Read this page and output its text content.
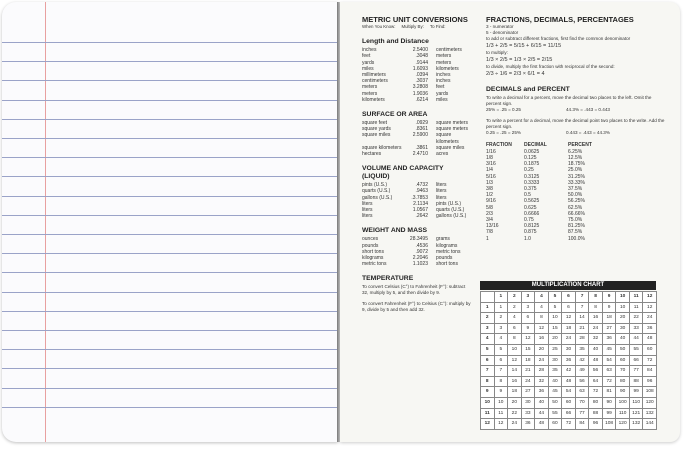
METRIC UNIT CONVERSIONS
When You Know: Multiply By: To Find:
Length and Distance
inches	2.5400 centimeters
feet	.3048 meters
yards	.9144 meters
miles	1.6093 kilometers
millimeters	.0394 inches
centimeters	.3037 inches
meters	3.2808 feet
meters	1.9036 yards
kilometers	.6214 miles
SURFACE OR AREA
square feet	.0929 square meters
square yards	.8361 square meters
square miles	2.5900 square kilometers
square kilometers	.3861 square miles
hectares	2.4710 acres
VOLUME AND CAPACITY (LIQUID)
pints (U.S.)	.4732 liters
quarts (U.S.)	.9463 liters
gallons (U.S.)	.3.7853 liters
liters	2.1134 pints (U.S.)
liters	1.0567 quarts (U.S.)
liters	.2642 gallons (U.S.)
WEIGHT AND MASS
ounces	28.3495 grams
pounds	.4536 kilograms
short tons	.9072 metric tons
kilograms	2.2046 pounds
metric tons	1.1023 short tons
TEMPERATURE

To convert Celsius (C°) to Fahrenheit (F°): subtract 32, multiply by 5, and then divide by 9.

To convert Fahrenheit (F°) to Celsius (C°): multiply by 9, divide by 5 and then add 32.

FRACTIONS, DECIMALS, PERCENTAGES

3 - numerator

5 - denominator

to add or subtract different fractions, first find the common denominator

1/3 + 2/5 = 5/15 + 6/15 = 11/15

to multiply:

1/3 × 2/5 = 1/3 × 2/5 = 2/15

to divide, multiply the first fraction with reciprocal of the second:

2/3 ÷ 1/6 = 2/3 × 6/1 = 4

DECIMALS and PERCENT

To write a decimal for a percent, move the decimal two places to the left. Omit the percent sign.

25% = .25 = 0.25	44.3% = .443 = 0.443

To write a percent for a decimal, move the decimal point two places to the write. Add the percent sign.

0.25 = .25 = 25%	0.443 = .443 = 44.3%
FRACTION	DECIMAL	PERCENT
1/16	0.0625	6.25%
1/8	0.125	12.5%
3/16	0.1875	18.75%
1/4	0.25	25.0%
5/16	0.3125	31.25%
1/3	0.3333	33.33%
3/8	0.375	37.5%
1/2	0.5	50.0%
9/16	0.5625	56.25%
5/8	0.625	62.5%
2/3	0.6666	66.66%
3/4	0.75	75.0%
13/16	0.8125	81.25%
7/8	0.875	87.5%
1	1.0	100.0%
MULTIPLICATION CHART
1	2	3	4	5	6	7	8	9	10	11	12
1	1	2	3	4	5	6	7	8	9	10	11	12
2	2	4	6	8	10	12	14	16	18	20	22	24
3	3	6	9	12	15	18	21	24	27	30	33	36
4	4	8	12	16	20	24	28	32	36	40	44	48
5	5	10	15	20	25	30	35	40	45	50	55	60
6	6	12	18	24	30	36	42	48	54	60	66	72
7	7	14	21	28	35	42	49	56	63	70	77	84
8	8	16	24	32	40	48	56	64	72	80	88	96
9	9	18	27	36	45	54	63	72	81	90	99	108
10	10	20	30	40	50	60	70	80	90	100	110	120
11	11	22	33	44	55	66	77	88	99	110	121	132
12	12	24	36	48	60	72	84	96	108	120	132	144
